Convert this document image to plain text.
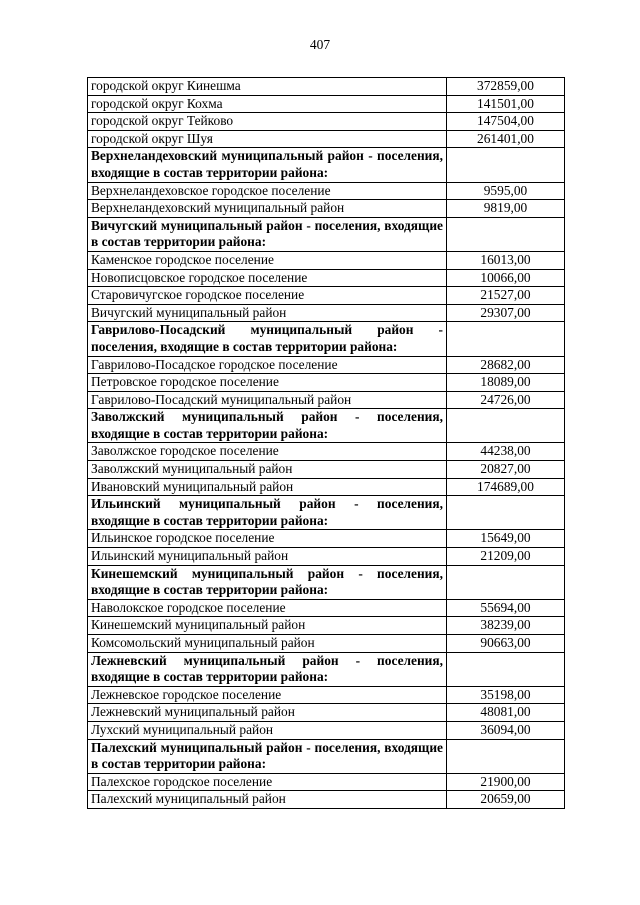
407
городской округ Кинешма	372859,00
городской округ Кохма	141501,00
городской округ Тейково	147504,00
городской округ Шуя	261401,00
Верхнеландеховский муниципальный район - поселения, входящие в состав территории района:	
Верхнеландеховское городское поселение	9595,00
Верхнеландеховский муниципальный район	9819,00
Вичугский муниципальный район - поселения, входящие в состав территории района:	
Каменское городское поселение	16013,00
Новописцовское городское поселение	10066,00
Старовичугское городское поселение	21527,00
Вичугский муниципальный район	29307,00
Гаврилово-Посадский муниципальный район - поселения, входящие в состав территории района:	
Гаврилово-Посадское городское поселение	28682,00
Петровское городское поселение	18089,00
Гаврилово-Посадский муниципальный район	24726,00
Заволжский муниципальный район - поселения, входящие в состав территории района:	
Заволжское городское поселение	44238,00
Заволжский муниципальный район	20827,00
Ивановский муниципальный район	174689,00
Ильинский муниципальный район - поселения, входящие в состав территории района:	
Ильинское городское поселение	15649,00
Ильинский муниципальный район	21209,00
Кинешемский муниципальный район - поселения, входящие в состав территории района:	
Наволокское городское поселение	55694,00
Кинешемский муниципальный район	38239,00
Комсомольский муниципальный район	90663,00
Лежневский муниципальный район - поселения, входящие в состав территории района:	
Лежневское городское поселение	35198,00
Лежневский муниципальный район	48081,00
Лухский муниципальный район	36094,00
Палехский муниципальный район - поселения, входящие в состав территории района:	
Палехское городское поселение	21900,00
Палехский муниципальный район	20659,00
